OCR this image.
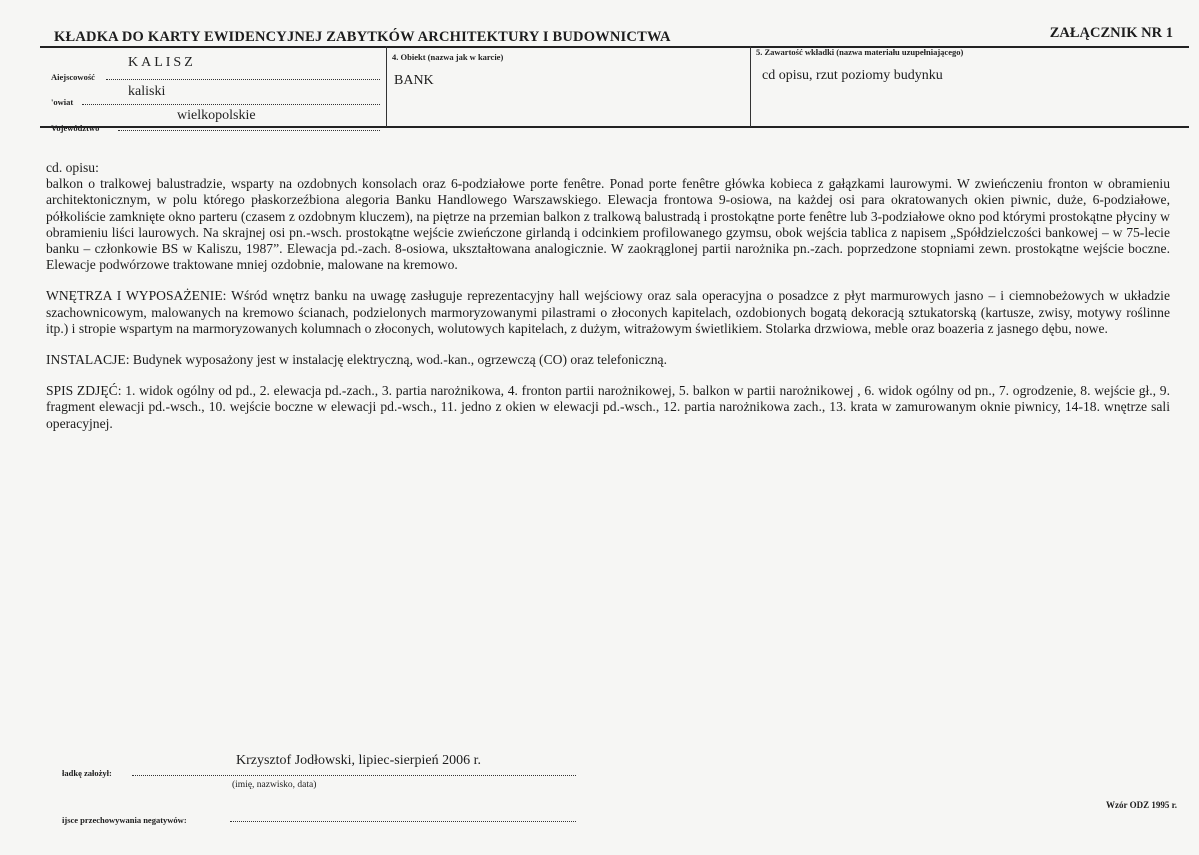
KŁADKA DO KARTY EWIDENCYJNEJ ZABYTKÓW ARCHITEKTURY I BUDOWNICTWA	ZAŁĄCZNIK NR 1
KALISZ
Aiejscowość
kaliski
'owiat
wielkopolskie
Vojewództwo
4. Obiekt (nazwa jak w karcie)
BANK
5. Zawartość wkładki (nazwa materiału uzupełniającego)
cd opisu, rzut poziomy budynku

cd. opisu:

balkon o tralkowej balustradzie, wsparty na ozdobnych konsolach oraz 6-podziałowe porte fenêtre. Ponad porte fenêtre główka kobieca z gałązkami laurowymi. W zwieńczeniu fronton w obramieniu architektonicznym, w polu którego płaskorzeźbiona alegoria Banku Handlowego Warszawskiego. Elewacja frontowa 9-osiowa, na każdej osi para okratowanych okien piwnic, duże, 6-podziałowe, półkoliście zamknięte okno parteru (czasem z ozdobnym kluczem), na piętrze na przemian balkon z tralkową balustradą i prostokątne porte fenêtre lub 3-podziałowe okno pod którymi prostokątne płyciny w obramieniu liści laurowych. Na skrajnej osi pn.-wsch. prostokątne wejście zwieńczone girlandą i odcinkiem profilowanego gzymsu, obok wejścia tablica z napisem „Spółdzielczości bankowej – w 75-lecie banku – członkowie BS w Kaliszu, 1987”. Elewacja pd.-zach. 8-osiowa, ukształtowana analogicznie. W zaokrąglonej partii narożnika pn.-zach. poprzedzone stopniami zewn. prostokątne wejście boczne. Elewacje podwórzowe traktowane mniej ozdobnie, malowane na kremowo.

WNĘTRZA I WYPOSAŻENIE: Wśród wnętrz banku na uwagę zasługuje reprezentacyjny hall wejściowy oraz sala operacyjna o posadzce z płyt marmurowych jasno – i ciemnobeżowych w układzie szachownicowym, malowanych na kremowo ścianach, podzielonych marmoryzowanymi pilastrami o złoconych kapitelach, ozdobionych bogatą dekoracją sztukatorską (kartusze, zwisy, motywy roślinne itp.) i stropie wspartym na marmoryzowanych kolumnach o złoconych, wolutowych kapitelach, z dużym, witrażowym świetlikiem. Stolarka drzwiowa, meble oraz boazeria z jasnego dębu, nowe.

INSTALACJE: Budynek wyposażony jest w instalację elektryczną, wod.-kan., ogrzewczą (CO) oraz telefoniczną.

SPIS ZDJĘĆ: 1. widok ogólny od pd., 2. elewacja pd.-zach., 3. partia narożnikowa, 4. fronton partii narożnikowej, 5. balkon w partii narożnikowej , 6. widok ogólny od pn., 7. ogrodzenie, 8. wejście gł., 9. fragment elewacji pd.-wsch., 10. wejście boczne w elewacji pd.-wsch., 11. jedno z okien w elewacji pd.-wsch., 12. partia narożnikowa zach., 13. krata w zamurowanym oknie piwnicy, 14-18. wnętrze sali operacyjnej.

Krzysztof Jodłowski, lipiec-sierpień 2006 r.
ładkę założył:
(imię, nazwisko, data)
ijsce przechowywania negatywów:
Wzór ODZ 1995 r.
